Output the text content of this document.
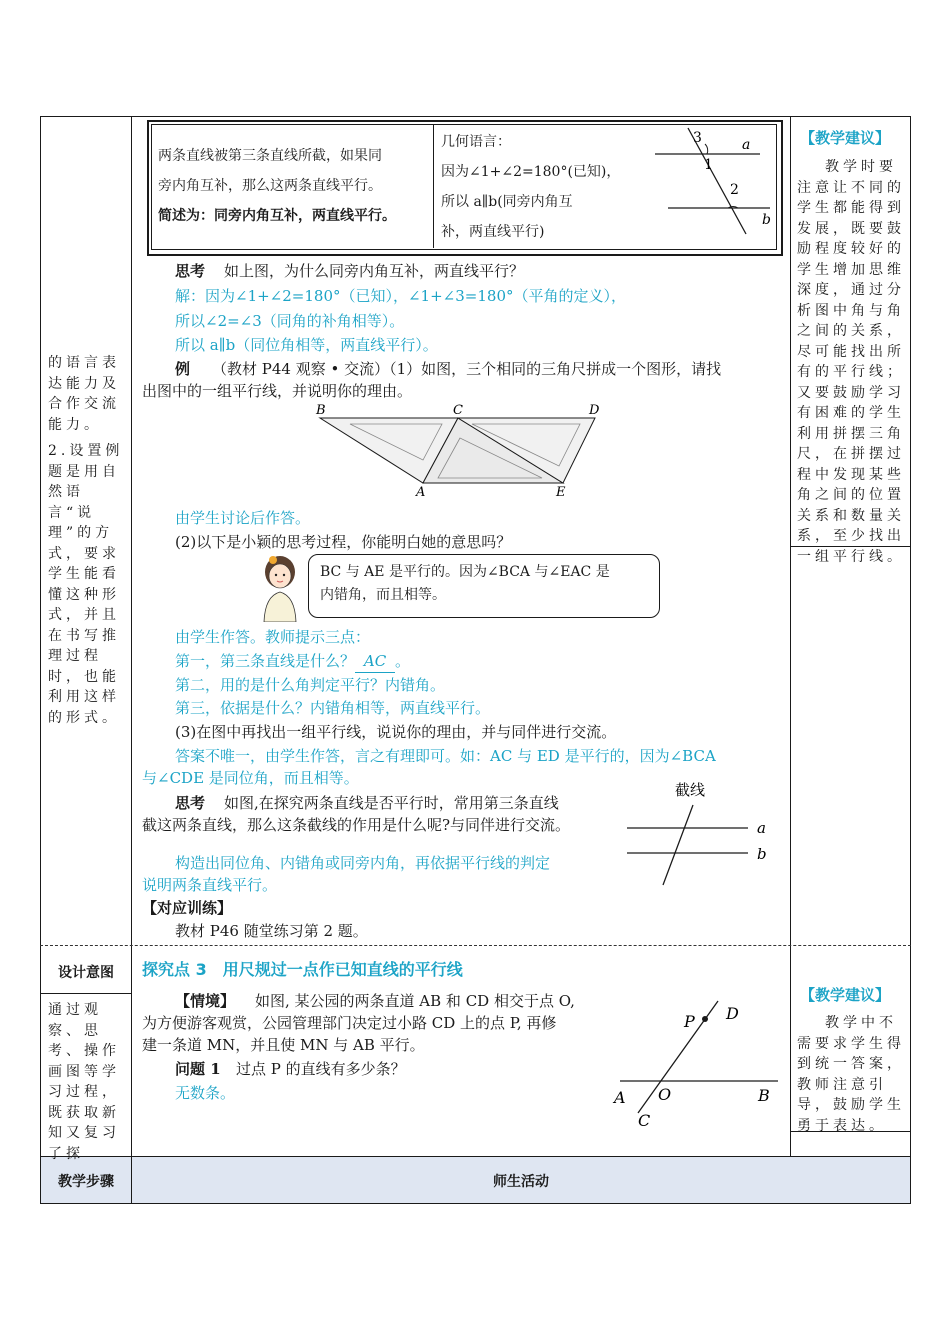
教学步骤	师生活动
的语言表达能力及合作交流能力。
2.设置例题是用自然语言“说理”的方式，要求学生能看懂这种形式，并且在书写推理过程时，也能利用这样的形式。
设计意图
通过观察、思考、操作画图等学习过程，既获取新知又复习了探
【教学建议】
教学时要注意让不同的学生都能得到发展，既要鼓励程度较好的学生增加思维深度，通过分析图中角与角之间的关系，尽可能找出所有的平行线；又要鼓励学习有困难的学生利用拼摆三角尺，在拼摆过程中发现某些角之间的位置关系和数量关系，至少找出一组平行线。
【教学建议】
教学中不需要求学生得到统一答案，教师注意引导，鼓励学生勇于表达。
两条直线被第三条直线所截，如果同
旁内角互补，那么这两条直线平行。
简述为：同旁内角互补，两直线平行。
几何语言：
因为∠1+∠2=180°(已知)，
所以 a∥b(同旁内角互
补，两直线平行)
3
1
2
a
b
思考 如上图，为什么同旁内角互补，两直线平行？
解：因为∠1+∠2=180°（已知），∠1+∠3=180°（平角的定义），
所以∠2=∠3（同角的补角相等）。
所以 a∥b（同位角相等，两直线平行）。
例 （教材 P44 观察 • 交流）（1）如图，三个相同的三角尺拼成一个图形，请找
出图中的一组平行线，并说明你的理由。
B	C	D
A	E
由学生讨论后作答。
(2)以下是小颖的思考过程，你能明白她的意思吗？
BC 与 AE 是平行的。因为∠BCA 与∠EAC 是
内错角，而且相等。
由学生作答。教师提示三点：
第一，第三条直线是什么？ AC 。
第二，用的是什么角判定平行？内错角。
第三，依据是什么？内错角相等，两直线平行。
(3)在图中再找出一组平行线，说说你的理由，并与同伴进行交流。
答案不唯一，由学生作答，言之有理即可。如：AC 与 ED 是平行的，因为∠BCA
与∠CDE 是同位角，而且相等。
思考 如图,在探究两条直线是否平行时，常用第三条直线
截这两条直线，那么这条截线的作用是什么呢?与同伴进行交流。
构造出同位角、内错角或同旁内角，再依据平行线的判定
说明两条直线平行。
截线
a
b
【对应训练】
教材 P46 随堂练习第 2 题。
探究点 3　用尺规过一点作已知直线的平行线
【情境】 如图, 某公园的两条直道 AB 和 CD 相交于点 O,
为方便游客观赏，公园管理部门决定过小路 CD 上的点 P, 再修
建一条道 MN，并且使 MN 与 AB 平行。
问题 1 过点 P 的直线有多少条？
无数条。
P D
A O	B
C
